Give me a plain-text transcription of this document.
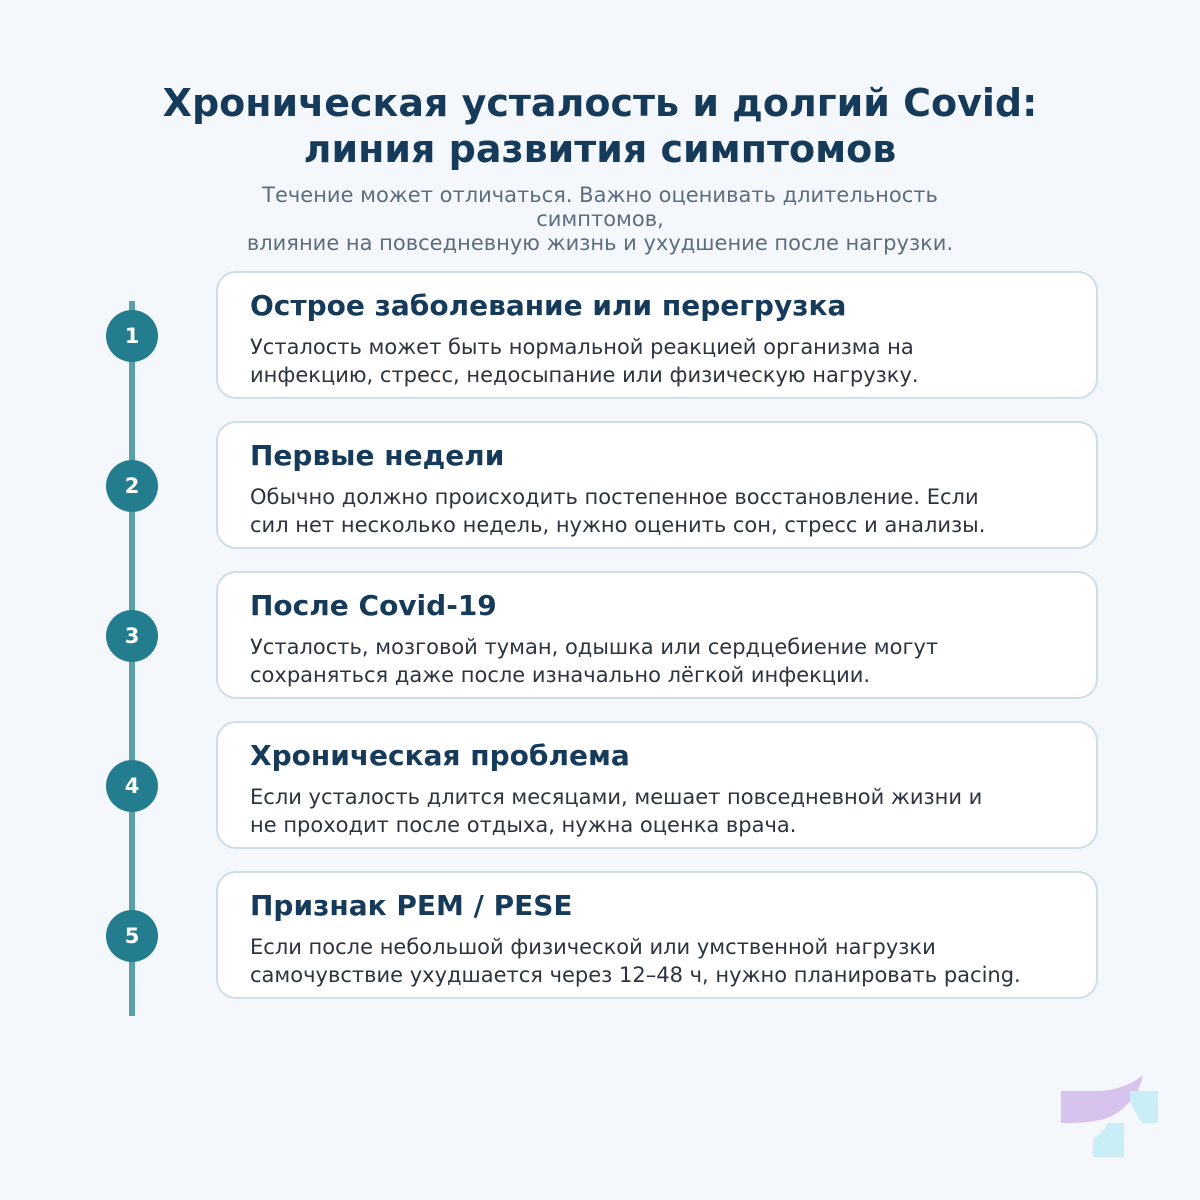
Хроническая усталость и долгий Covid:
линия развития симптомов
Течение может отличаться. Важно оценивать длительность
симптомов,
влияние на повседневную жизнь и ухудшение после нагрузки.
1
Острое заболевание или перегрузка
Усталость может быть нормальной реакцией организма на
инфекцию, стресс, недосыпание или физическую нагрузку.
2
Первые недели
Обычно должно происходить постепенное восстановление. Если
сил нет несколько недель, нужно оценить сон, стресс и анализы.
3
После Covid-19
Усталость, мозговой туман, одышка или сердцебиение могут
сохраняться даже после изначально лёгкой инфекции.
4
Хроническая проблема
Если усталость длится месяцами, мешает повседневной жизни и
не проходит после отдыха, нужна оценка врача.
5
Признак PEM / PESE
Если после небольшой физической или умственной нагрузки
самочувствие ухудшается через 12–48 ч, нужно планировать pacing.
